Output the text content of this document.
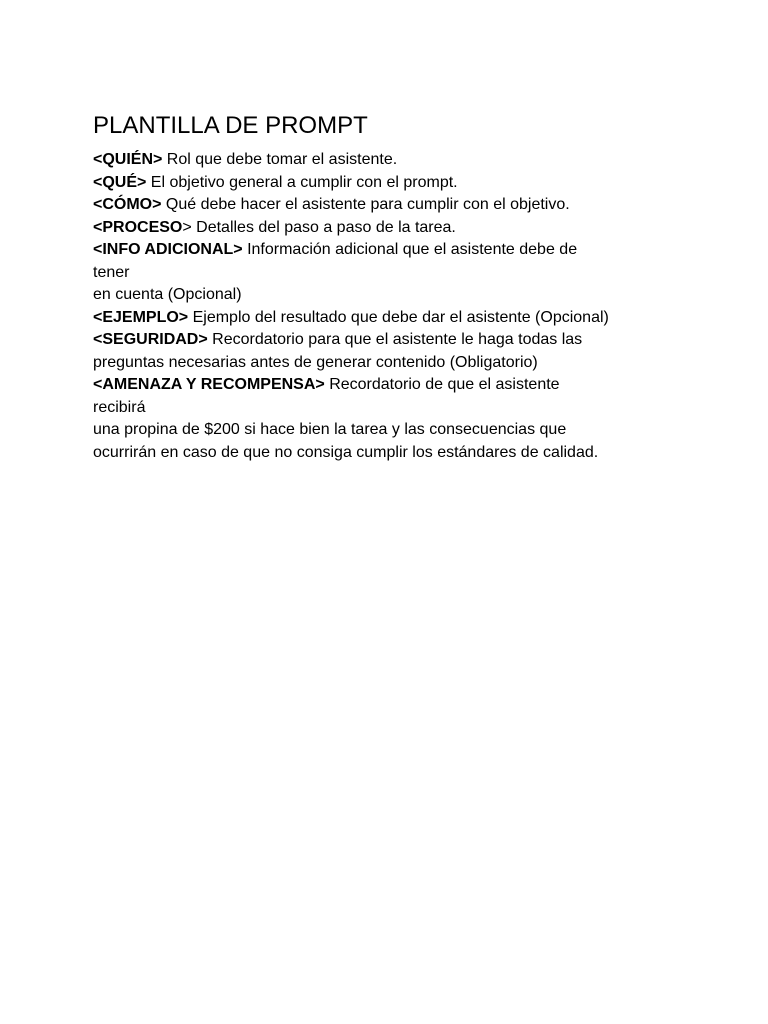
PLANTILLA DE PROMPT

<QUIÉN> Rol que debe tomar el asistente.

<QUÉ> El objetivo general a cumplir con el prompt.

<CÓMO> Qué debe hacer el asistente para cumplir con el objetivo.

<PROCESO> Detalles del paso a paso de la tarea.

<INFO ADICIONAL> Información adicional que el asistente debe de

tener

en cuenta (Opcional)

<EJEMPLO> Ejemplo del resultado que debe dar el asistente (Opcional)

<SEGURIDAD> Recordatorio para que el asistente le haga todas las

preguntas necesarias antes de generar contenido (Obligatorio)

<AMENAZA Y RECOMPENSA> Recordatorio de que el asistente

recibirá

una propina de $200 si hace bien la tarea y las consecuencias que

ocurrirán en caso de que no consiga cumplir los estándares de calidad.
